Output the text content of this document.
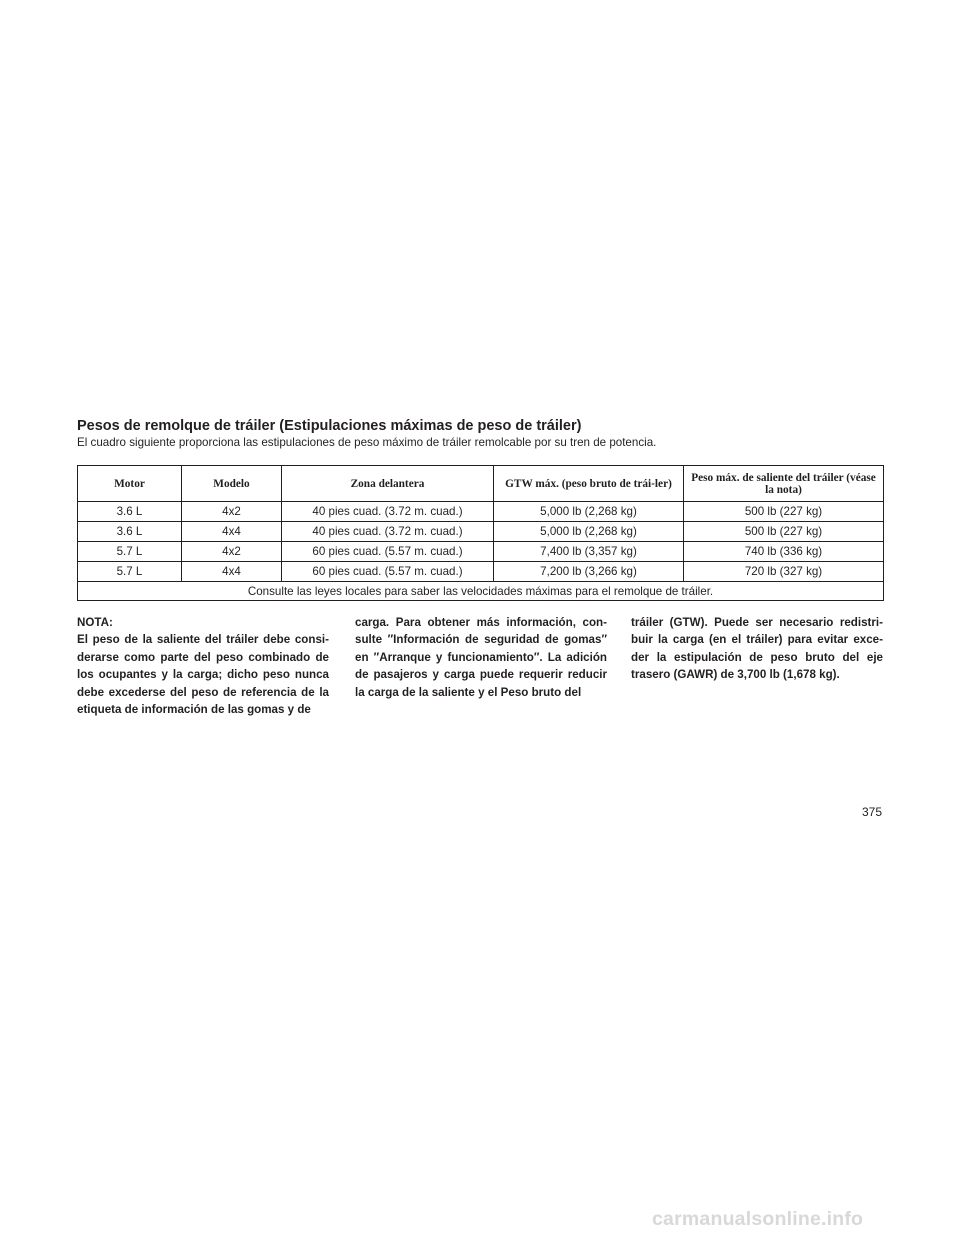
Pesos de remolque de tráiler (Estipulaciones máximas de peso de tráiler)
El cuadro siguiente proporciona las estipulaciones de peso máximo de tráiler remolcable por su tren de potencia.
Motor	Modelo	Zona delantera	GTW máx. (peso bruto de trái-ler)	Peso máx. de saliente del tráiler (véase la nota)
3.6 L	4x2	40 pies cuad. (3.72 m. cuad.)	5,000 lb (2,268 kg)	500 lb (227 kg)
3.6 L	4x4	40 pies cuad. (3.72 m. cuad.)	5,000 lb (2,268 kg)	500 lb (227 kg)
5.7 L	4x2	60 pies cuad. (5.57 m. cuad.)	7,400 lb (3,357 kg)	740 lb (336 kg)
5.7 L	4x4	60 pies cuad. (5.57 m. cuad.)	7,200 lb (3,266 kg)	720 lb (327 kg)
Consulte las leyes locales para saber las velocidades máximas para el remolque de tráiler.				

NOTA:

El peso de la saliente del tráiler debe consi-derarse como parte del peso combinado de los ocupantes y la carga; dicho peso nunca debe excederse del peso de referencia de la etiqueta de información de las gomas y de

carga. Para obtener más información, con-sulte ″Información de seguridad de gomas″ en ″Arranque y funcionamiento″. La adición de pasajeros y carga puede requerir reducir la carga de la saliente y el Peso bruto del

tráiler (GTW). Puede ser necesario redistri-buir la carga (en el tráiler) para evitar exce-der la estipulación de peso bruto del eje trasero (GAWR) de 3,700 lb (1,678 kg).

375
carmanualsonline.info
